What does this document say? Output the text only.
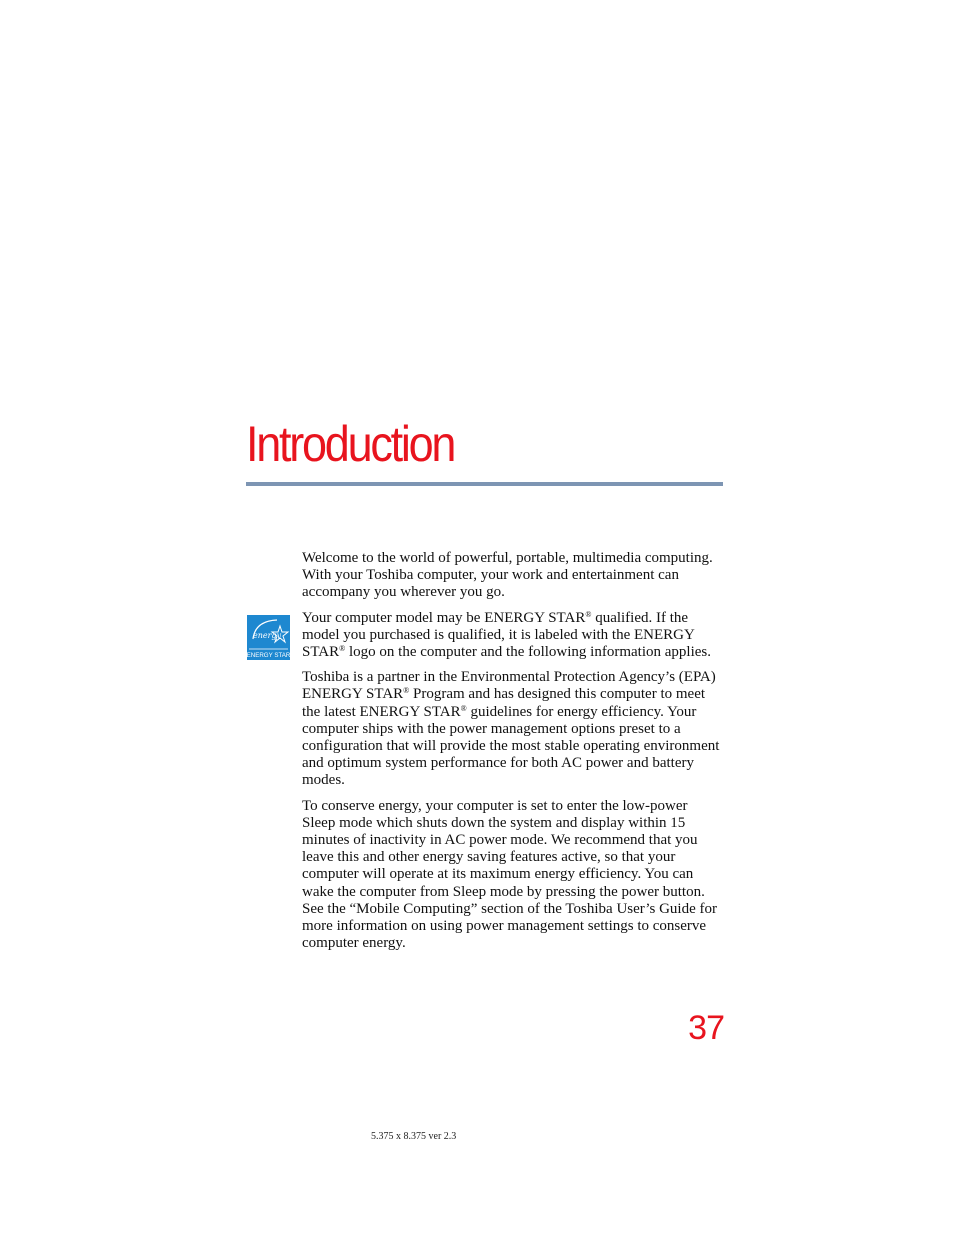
Introduction
energy
ENERGY STAR

Welcome to the world of powerful, portable, multimedia computing. With your Toshiba computer, your work and entertainment can accompany you wherever you go.

Your computer model may be ENERGY STAR® qualified. If the model you purchased is qualified, it is labeled with the ENERGY STAR® logo on the computer and the following information applies.

Toshiba is a partner in the Environmental Protection Agency’s (EPA) ENERGY STAR® Program and has designed this computer to meet the latest ENERGY STAR® guidelines for energy efficiency. Your computer ships with the power management options preset to a configuration that will provide the most stable operating environment and optimum system performance for both AC power and battery modes.

To conserve energy, your computer is set to enter the low-power Sleep mode which shuts down the system and display within 15 minutes of inactivity in AC power mode. We recommend that you leave this and other energy saving features active, so that your computer will operate at its maximum energy efficiency. You can wake the computer from Sleep mode by pressing the power button. See the “Mobile Computing” section of the Toshiba User’s Guide for more information on using power management settings to conserve computer energy.

37
5.375 x 8.375 ver 2.3
